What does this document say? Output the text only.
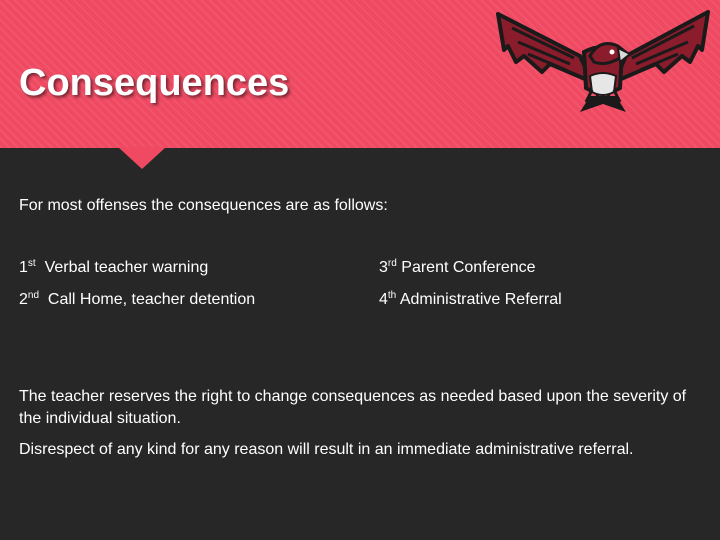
Consequences

For most offenses the consequences are as follows:

1st Verbal teacher warning
2nd Call Home, teacher detention
3rd Parent Conference
4th Administrative Referral

The teacher reserves the right to change consequences as needed based upon the severity of the individual situation.

Disrespect of any kind for any reason will result in an immediate administrative referral.
